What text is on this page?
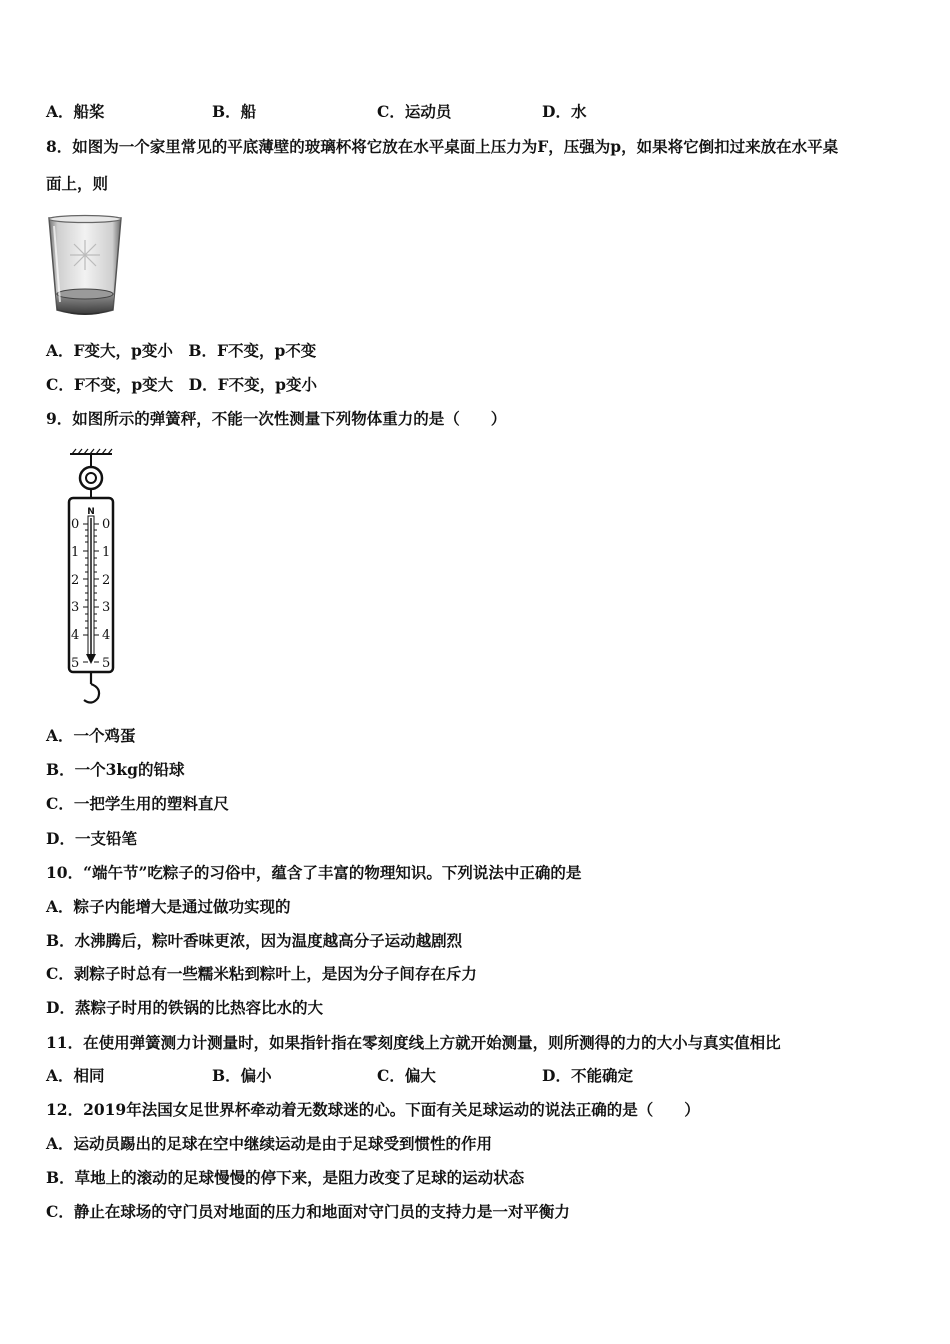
A．船桨	B．船	C．运动员	D．水
8．如图为一个家里常见的平底薄壁的玻璃杯将它放在水平桌面上压力为F，压强为p，如果将它倒扣过来放在水平桌
面上，则
A．F变大，p变小　B．F不变，p不变
C．F不变，p变大　D．F不变，p变小
9．如图所示的弹簧秤，不能一次性测量下列物体重力的是（　　）
N
0 0
1 1
2 2
3 3
4 4
5 5
A．一个鸡蛋
B．一个3kg的铅球
C．一把学生用的塑料直尺
D．一支铅笔
10．“端午节”吃粽子的习俗中，蕴含了丰富的物理知识。下列说法中正确的是
A．粽子内能增大是通过做功实现的
B．水沸腾后，粽叶香味更浓，因为温度越高分子运动越剧烈
C．剥粽子时总有一些糯米粘到粽叶上，是因为分子间存在斥力
D．蒸粽子时用的铁锅的比热容比水的大
11．在使用弹簧测力计测量时，如果指针指在零刻度线上方就开始测量，则所测得的力的大小与真实值相比
A．相同	B．偏小	C．偏大	D．不能确定
12．2019年法国女足世界杯牵动着无数球迷的心。下面有关足球运动的说法正确的是（　　）
A．运动员踢出的足球在空中继续运动是由于足球受到惯性的作用
B．草地上的滚动的足球慢慢的停下来，是阻力改变了足球的运动状态
C．静止在球场的守门员对地面的压力和地面对守门员的支持力是一对平衡力
